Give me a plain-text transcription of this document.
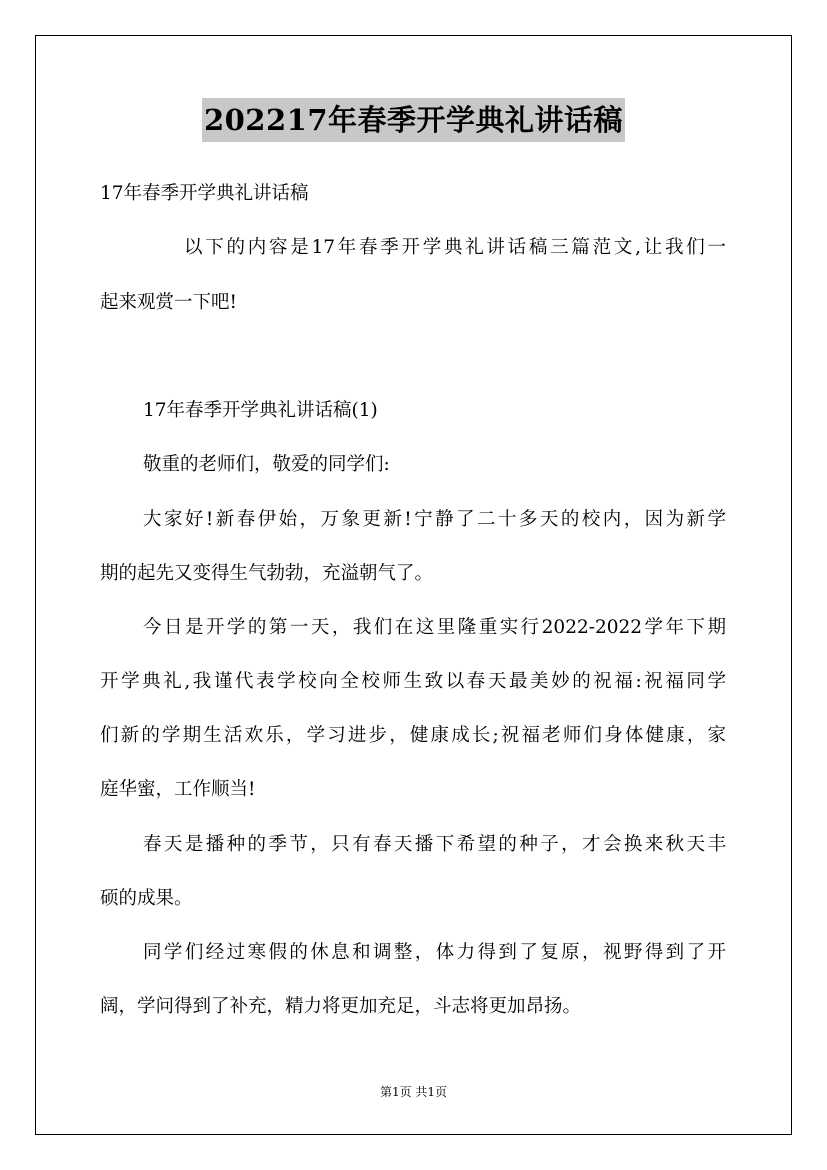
202217年春季开学典礼讲话稿
17年春季开学典礼讲话稿
以下的内容是17年春季开学典礼讲话稿三篇范文,让我们一
起来观赏一下吧!
17年春季开学典礼讲话稿(1)
敬重的老师们，敬爱的同学们:
大家好!新春伊始，万象更新!宁静了二十多天的校内，因为新学
期的起先又变得生气勃勃，充溢朝气了。
今日是开学的第一天，我们在这里隆重实行2022-2022学年下期
开学典礼,我谨代表学校向全校师生致以春天最美妙的祝福:祝福同学
们新的学期生活欢乐，学习进步，健康成长;祝福老师们身体健康，家
庭华蜜，工作顺当!
春天是播种的季节，只有春天播下希望的种子，才会换来秋天丰
硕的成果。
同学们经过寒假的休息和调整，体力得到了复原，视野得到了开
阔，学问得到了补充，精力将更加充足，斗志将更加昂扬。
第1页 共1页
